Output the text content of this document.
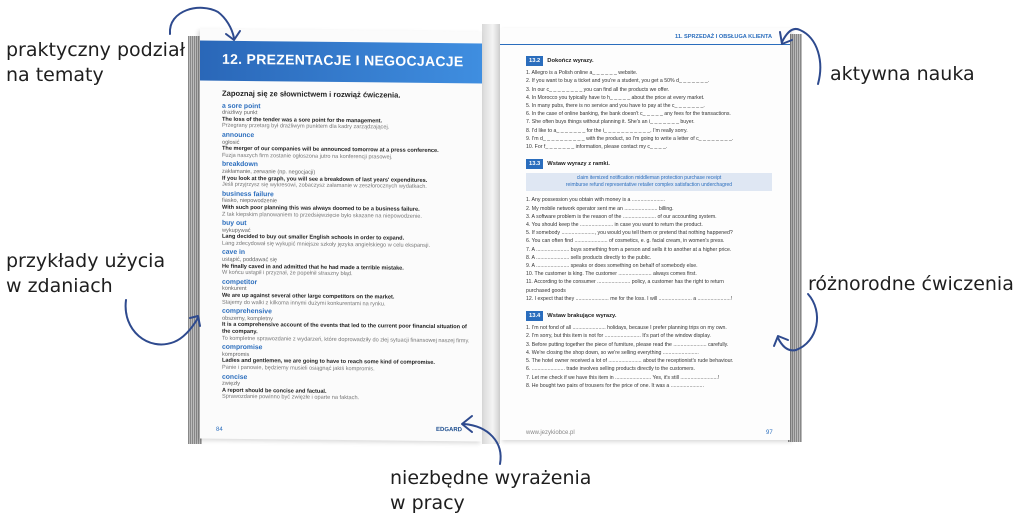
praktyczny podział
na tematy	aktywna nauka
przykłady użycia
w zdaniach	różnorodne ćwiczenia
niezbędne wyrażenia
w pracy
12. PREZENTACJE I NEGOCJACJE
Zapoznaj się ze słownictwem i rozwiąż ćwiczenia.
a sore point
drażliwy punkt
The loss of the tender was a sore point for the management.
Przegrany przetarg był drażliwym punktem dla kadry zarządzającej.
announce
ogłosić
The merger of our companies will be announced tomorrow at a press conference.
Fuzja naszych firm zostanie ogłoszona jutro na konferencji prasowej.
breakdown
zakłamanie, zerwanie (np. negocjacji)
If you look at the graph, you will see a breakdown of last years' expenditures.
Jeśli przyjrzysz się wykresowi, zobaczysz załamanie w zeszłorocznych wydatkach.
business failure
fiasko, niepowodzenie
With such poor planning this was always doomed to be a business failure.
Z tak kiepskim planowaniem to przedsięwzięcie było skazane na niepowodzenie.
buy out
wykupywać
Lang decided to buy out smaller English schools in order to expand.
Lang zdecydował się wykupić mniejsze szkoły języka angielskiego w celu ekspansji.
cave in
ustąpić, poddawać się
He finally caved in and admitted that he had made a terrible mistake.
W końcu ustąpił i przyznał, że popełnił straszny błąd.
competitor
konkurent
We are up against several other large competitors on the market.
Stajemy do walki z kilkoma innymi dużymi konkurentami na rynku.
comprehensive
obszerny, kompletny
It is a comprehensive account of the events that led to the current poor financial situation of the company.
To kompletne sprawozdanie z wydarzeń, które doprowadziły do złej sytuacji finansowej naszej firmy.
compromise
kompromis
Ladies and gentlemen, we are going to have to reach some kind of compromise.
Panie i panowie, będziemy musieli osiągnąć jakiś kompromis.
concise
zwięzły
A report should be concise and factual.
Sprawozdanie powinno być zwięzłe i oparte na faktach.
84	EDGARD
11. SPRZEDAŻ I OBSŁUGA KLIENTA
13.2	Dokończ wyrazy.
1. Allegro is a Polish online a_ _ _ _ _ _ website.
2. If you want to buy a ticket and you're a student, you get a 50% d_ _ _ _ _ _ _.
3. In our c_ _ _ _ _ _ _ _ you can find all the products we offer.
4. In Morocco you typically have to h_ _ _ _ _ about the price at every market.
5. In many pubs, there is no service and you have to pay at the c_ _ _ _ _ _ _.
6. In the case of online banking, the bank doesn't c_ _ _ _ _ any fees for the transactions.
7. She often buys things without planning it. She's an i_ _ _ _ _ _ _ buyer.
8. I'd like to a_ _ _ _ _ _ _ for the i_ _ _ _ _ _ _ _ _ _ _. I'm really sorry.
9. I'm d_ _ _ _ _ _ _ _ _ _ with the product, so I'm going to write a letter of c_ _ _ _ _ _ _ _.
10. For f_ _ _ _ _ _ _ information, please contact my c_ _ _ _.
13.3	Wstaw wyrazy z ramki.
claim itemized notification middleman protection purchase receipt
reimburse refund representative retailer complex satisfaction underchagred
1. Any possession you obtain with money is a .......................
2. My mobile network operator sent me an ....................... billing.
3. A software problem is the reason of the ....................... of our accounting system.
4. You should keep the ....................... in case you want to return the product.
5. If somebody ......................., you would you tell them or pretend that nothing happened?
6. You can often find ....................... of cosmetics, e. g. facial cream, in women's press.
7. A ....................... buys something from a person and sells it to another at a higher price.
8. A ....................... sells products directly to the public.
9. A ....................... speaks or does something on behalf of somebody else.
10. The customer is king. The customer ....................... always comes first.
11. According to the consumer ....................... policy, a customer has the right to return
purchased goods
12. I expect that they ....................... me for the loss. I will ....................... a .......................!
13.4	Wstaw brakujące wyrazy.
1. I'm not fond of all ....................... holidays, because I prefer planning trips on my own.
2. I'm sorry, but this item is not for ......................... It's part of the window display.
3. Before putting together the piece of furniture, please read the ....................... carefully.
4. We're closing the shop down, so we're selling everything .........................
5. The hotel owner received a lot of ....................... about the receptionist's rude behaviour.
6. ....................... trade involves selling products directly to the customers.
7. Let me check if we have this item in ......................... Yes, it's still ..........................!
8. He bought two pairs of trousers for the price of one. It was a .......................
www.jezykiobce.pl	97
